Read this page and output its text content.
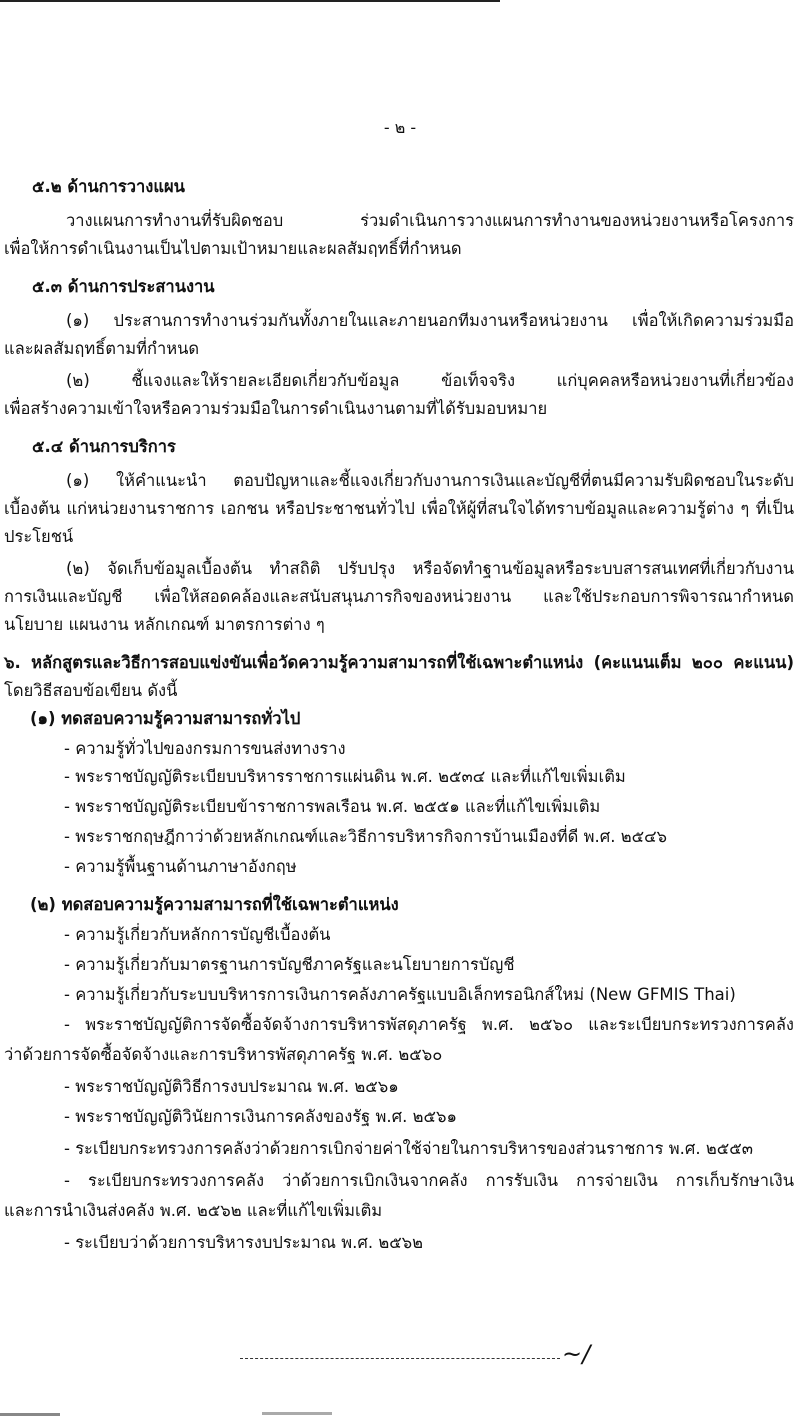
- ๒ -
๕.๒ ด้านการวางแผน
วางแผนการทำงานที่รับผิดชอบ ร่วมดำเนินการวางแผนการทำงานของหน่วยงานหรือโครงการ
เพื่อให้การดำเนินงานเป็นไปตามเป้าหมายและผลสัมฤทธิ์ที่กำหนด
๕.๓ ด้านการประสานงาน
(๑) ประสานการทำงานร่วมกันทั้งภายในและภายนอกทีมงานหรือหน่วยงาน เพื่อให้เกิดความร่วมมือ
และผลสัมฤทธิ์ตามที่กำหนด
(๒) ชี้แจงและให้รายละเอียดเกี่ยวกับข้อมูล ข้อเท็จจริง แก่บุคคลหรือหน่วยงานที่เกี่ยวข้อง
เพื่อสร้างความเข้าใจหรือความร่วมมือในการดำเนินงานตามที่ได้รับมอบหมาย
๕.๔ ด้านการบริการ
(๑) ให้คำแนะนำ ตอบปัญหาและชี้แจงเกี่ยวกับงานการเงินและบัญชีที่ตนมีความรับผิดชอบในระดับ
เบื้องต้น แก่หน่วยงานราชการ เอกชน หรือประชาชนทั่วไป เพื่อให้ผู้ที่สนใจได้ทราบข้อมูลและความรู้ต่าง ๆ ที่เป็น
ประโยชน์
(๒) จัดเก็บข้อมูลเบื้องต้น ทำสถิติ ปรับปรุง หรือจัดทำฐานข้อมูลหรือระบบสารสนเทศที่เกี่ยวกับงาน
การเงินและบัญชี เพื่อให้สอดคล้องและสนับสนุนภารกิจของหน่วยงาน และใช้ประกอบการพิจารณากำหนด
นโยบาย แผนงาน หลักเกณฑ์ มาตรการต่าง ๆ
๖. หลักสูตรและวิธีการสอบแข่งขันเพื่อวัดความรู้ความสามารถที่ใช้เฉพาะตำแหน่ง (คะแนนเต็ม ๒๐๐ คะแนน)
โดยวิธีสอบข้อเขียน ดังนี้
(๑) ทดสอบความรู้ความสามารถทั่วไป
- ความรู้ทั่วไปของกรมการขนส่งทางราง
- พระราชบัญญัติระเบียบบริหารราชการแผ่นดิน พ.ศ. ๒๕๓๔ และที่แก้ไขเพิ่มเติม
- พระราชบัญญัติระเบียบข้าราชการพลเรือน พ.ศ. ๒๕๕๑ และที่แก้ไขเพิ่มเติม
- พระราชกฤษฎีกาว่าด้วยหลักเกณฑ์และวิธีการบริหารกิจการบ้านเมืองที่ดี พ.ศ. ๒๕๔๖
- ความรู้พื้นฐานด้านภาษาอังกฤษ
(๒) ทดสอบความรู้ความสามารถที่ใช้เฉพาะตำแหน่ง
- ความรู้เกี่ยวกับหลักการบัญชีเบื้องต้น
- ความรู้เกี่ยวกับมาตรฐานการบัญชีภาครัฐและนโยบายการบัญชี
- ความรู้เกี่ยวกับระบบบริหารการเงินการคลังภาครัฐแบบอิเล็กทรอนิกส์ใหม่ (New GFMIS Thai)
- พระราชบัญญัติการจัดซื้อจัดจ้างการบริหารพัสดุภาครัฐ พ.ศ. ๒๕๖๐ และระเบียบกระทรวงการคลัง
ว่าด้วยการจัดซื้อจัดจ้างและการบริหารพัสดุภาครัฐ พ.ศ. ๒๕๖๐
- พระราชบัญญัติวิธีการงบประมาณ พ.ศ. ๒๕๖๑
- พระราชบัญญัติวินัยการเงินการคลังของรัฐ พ.ศ. ๒๕๖๑
- ระเบียบกระทรวงการคลังว่าด้วยการเบิกจ่ายค่าใช้จ่ายในการบริหารของส่วนราชการ พ.ศ. ๒๕๕๓
- ระเบียบกระทรวงการคลัง ว่าด้วยการเบิกเงินจากคลัง การรับเงิน การจ่ายเงิน การเก็บรักษาเงิน
และการนำเงินส่งคลัง พ.ศ. ๒๕๖๒ และที่แก้ไขเพิ่มเติม
- ระเบียบว่าด้วยการบริหารงบประมาณ พ.ศ. ๒๕๖๒
~/
